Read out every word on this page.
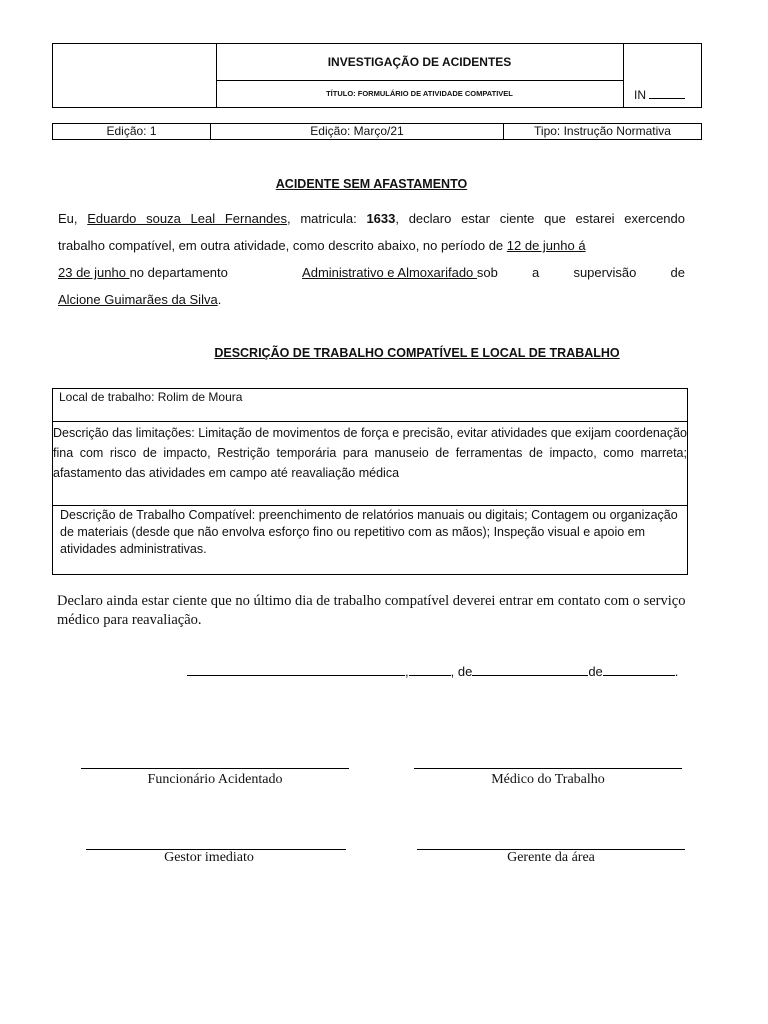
INVESTIGAÇÃO DE ACIDENTES
TÍTULO: FORMULÁRIO DE ATIVIDADE COMPATIVEL	IN
Edição: 1	Edição: Março/21	Tipo: Instrução Normativa
ACIDENTE SEM AFASTAMENTO
Eu, Eduardo souza Leal Fernandes, matricula: 1633, declaro estar ciente que estarei exercendo
trabalho compatível, em outra atividade, como descrito abaixo, no período de 12 de junho á
23 de junho no departamento	Administrativo e Almoxarifado sob	a	supervisão	de
Alcione Guimarães da Silva.
DESCRIÇÃO DE TRABALHO COMPATÍVEL E LOCAL DE TRABALHO
Local de trabalho: Rolim de Moura

Descrição das limitações: Limitação de movimentos de força e precisão, evitar atividades que exijam coordenação fina com risco de impacto, Restrição temporária para manuseio de ferramentas de impacto, como marreta; afastamento das atividades em campo até reavaliação médica

Descrição de Trabalho Compatível: preenchimento de relatórios manuais ou digitais; Contagem ou organização de materiais (desde que não envolva esforço fino ou repetitivo com as mãos); Inspeção visual e apoio em atividades administrativas.

Declaro ainda estar ciente que no último dia de trabalho compatível deverei entrar em contato com o serviço médico para reavaliação.
,	, de	de	.
Funcionário Acidentado	Médico do Trabalho
Gestor imediato	Gerente da área
